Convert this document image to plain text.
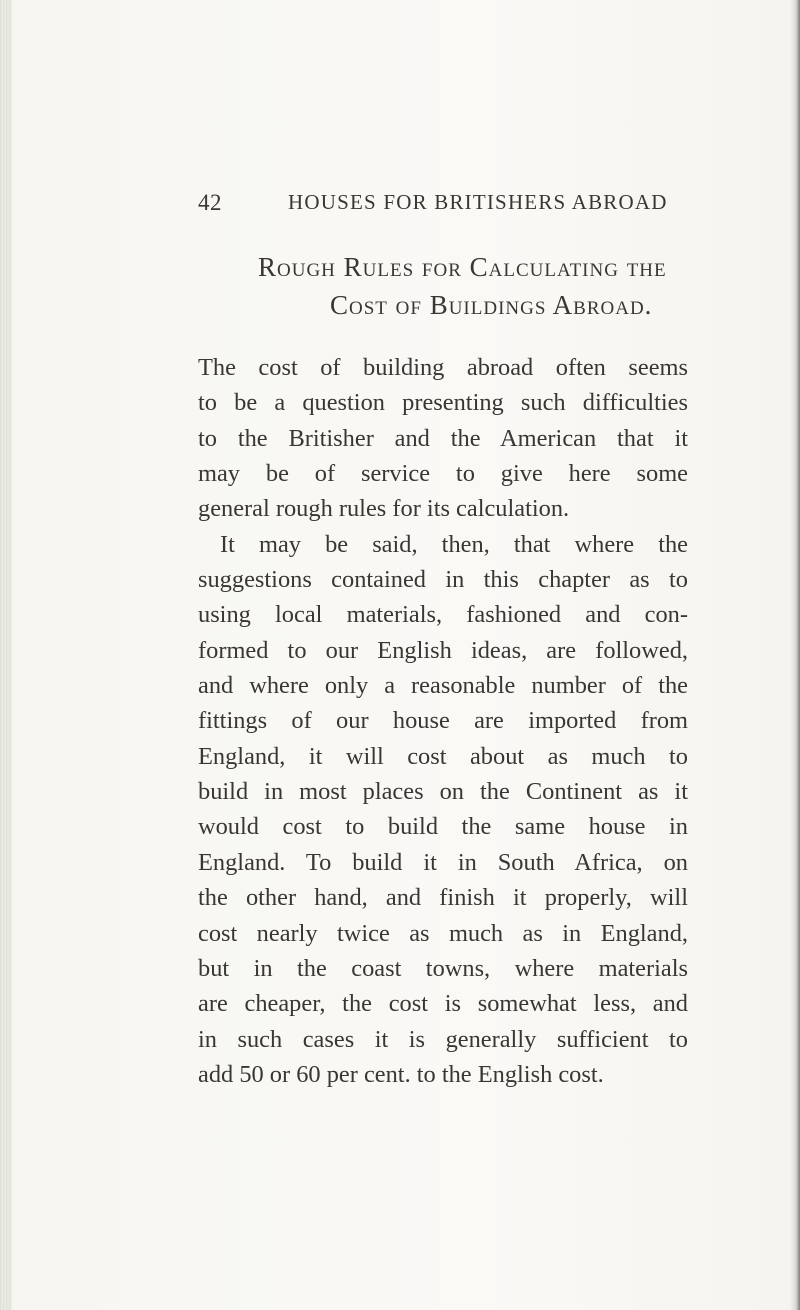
42	HOUSES FOR BRITISHERS ABROAD
Rough Rules for Calculating the
Cost of Buildings Abroad.
The cost of building abroad often seems
to be a question presenting such difficulties
to the Britisher and the American that it
may be of service to give here some
general rough rules for its calculation.
It may be said, then, that where the
suggestions contained in this chapter as to
using local materials, fashioned and con-
formed to our English ideas, are followed,
and where only a reasonable number of the
fittings of our house are imported from
England, it will cost about as much to
build in most places on the Continent as it
would cost to build the same house in
England. To build it in South Africa, on
the other hand, and finish it properly, will
cost nearly twice as much as in England,
but in the coast towns, where materials
are cheaper, the cost is somewhat less, and
in such cases it is generally sufficient to
add 50 or 60 per cent. to the English cost.
